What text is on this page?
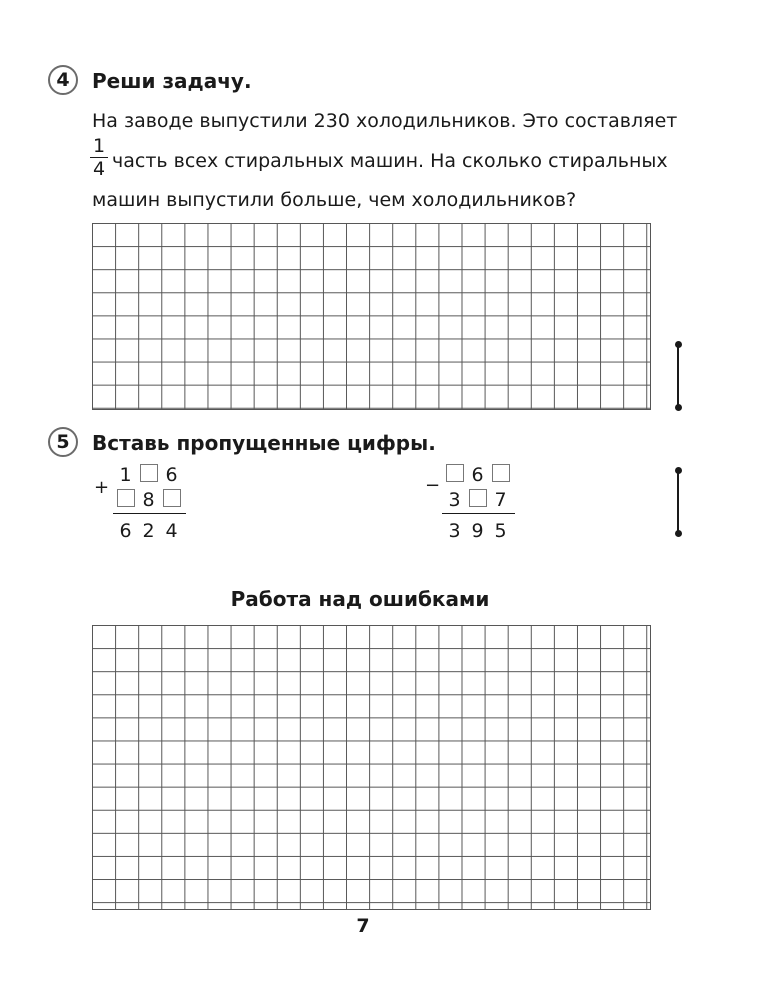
4	Реши задачу.
На заводе выпустили 230 холодильников. Это составляет
1
4 часть всех стиральных машин. На сколько стиральных
машин выпустили больше, чем холодильников?
5	Вставь пропущенные цифры.
+
1 6
8
6 2 4
− 6
3 7
3 9 5
Работа над ошибками
7
